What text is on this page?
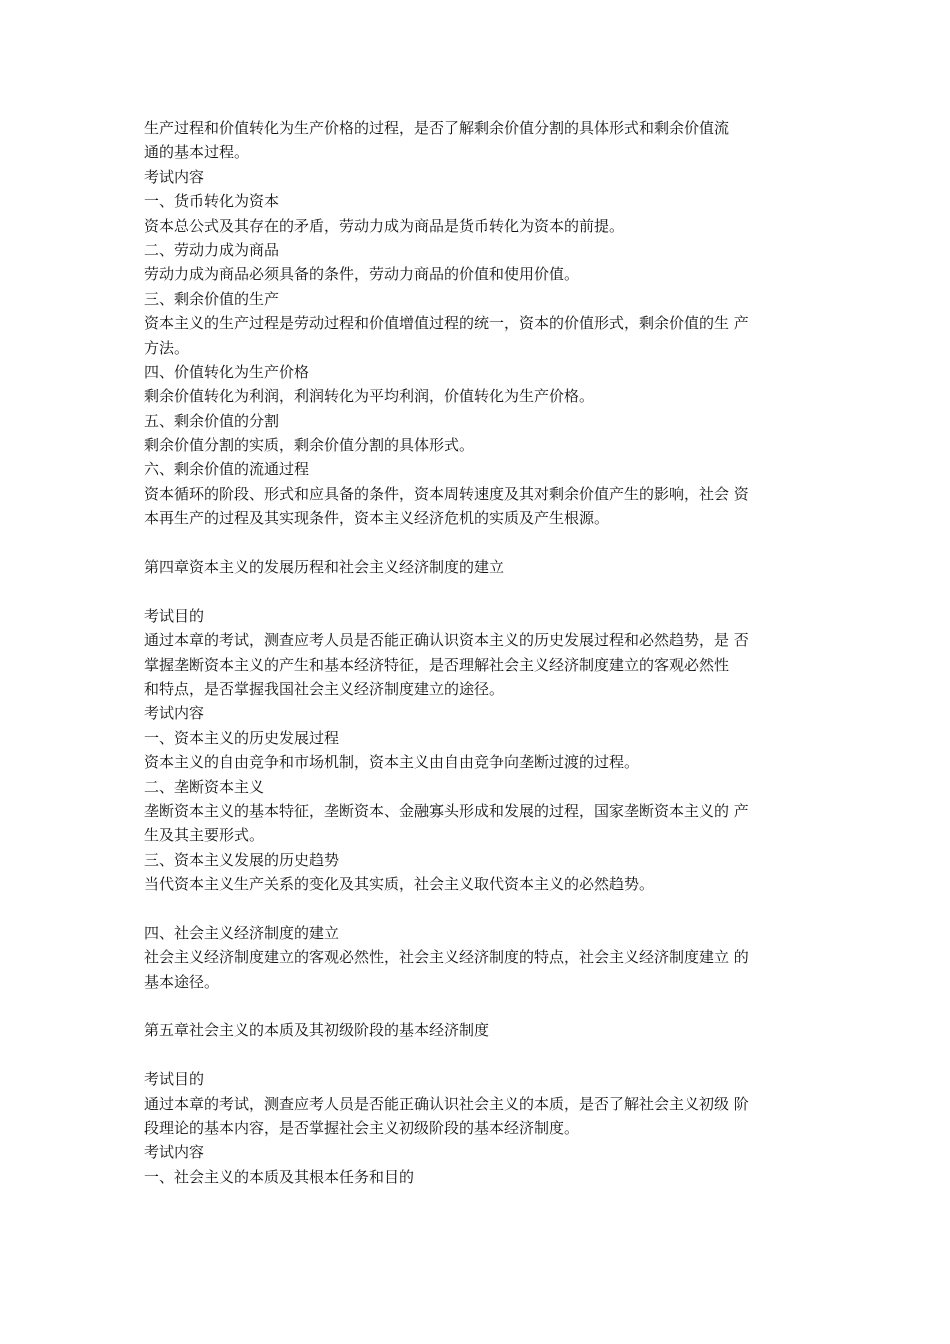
生产过程和价值转化为生产价格的过程，是否了解剩余价值分割的具体形式和剩余价值流
通的基本过程。
考试内容
一、货币转化为资本
资本总公式及其存在的矛盾，劳动力成为商品是货币转化为资本的前提。
二、劳动力成为商品
劳动力成为商品必须具备的条件，劳动力商品的价值和使用价值。
三、剩余价值的生产
资本主义的生产过程是劳动过程和价值增值过程的统一，资本的价值形式，剩余价值的生 产
方法。
四、价值转化为生产价格
剩余价值转化为利润，利润转化为平均利润，价值转化为生产价格。
五、剩余价值的分割
剩余价值分割的实质，剩余价值分割的具体形式。
六、剩余价值的流通过程
资本循环的阶段、形式和应具备的条件，资本周转速度及其对剩余价值产生的影响，社会 资
本再生产的过程及其实现条件，资本主义经济危机的实质及产生根源。
第四章资本主义的发展历程和社会主义经济制度的建立
考试目的
通过本章的考试，测查应考人员是否能正确认识资本主义的历史发展过程和必然趋势，是 否
掌握垄断资本主义的产生和基本经济特征，是否理解社会主义经济制度建立的客观必然性
和特点，是否掌握我国社会主义经济制度建立的途径。
考试内容
一、资本主义的历史发展过程
资本主义的自由竞争和市场机制，资本主义由自由竞争向垄断过渡的过程。
二、垄断资本主义
垄断资本主义的基本特征，垄断资本、金融寡头形成和发展的过程，国家垄断资本主义的 产
生及其主要形式。
三、资本主义发展的历史趋势
当代资本主义生产关系的变化及其实质，社会主义取代资本主义的必然趋势。
四、社会主义经济制度的建立
社会主义经济制度建立的客观必然性，社会主义经济制度的特点，社会主义经济制度建立 的
基本途径。
第五章社会主义的本质及其初级阶段的基本经济制度
考试目的
通过本章的考试，测查应考人员是否能正确认识社会主义的本质，是否了解社会主义初级 阶
段理论的基本内容，是否掌握社会主义初级阶段的基本经济制度。
考试内容
一、社会主义的本质及其根本任务和目的
